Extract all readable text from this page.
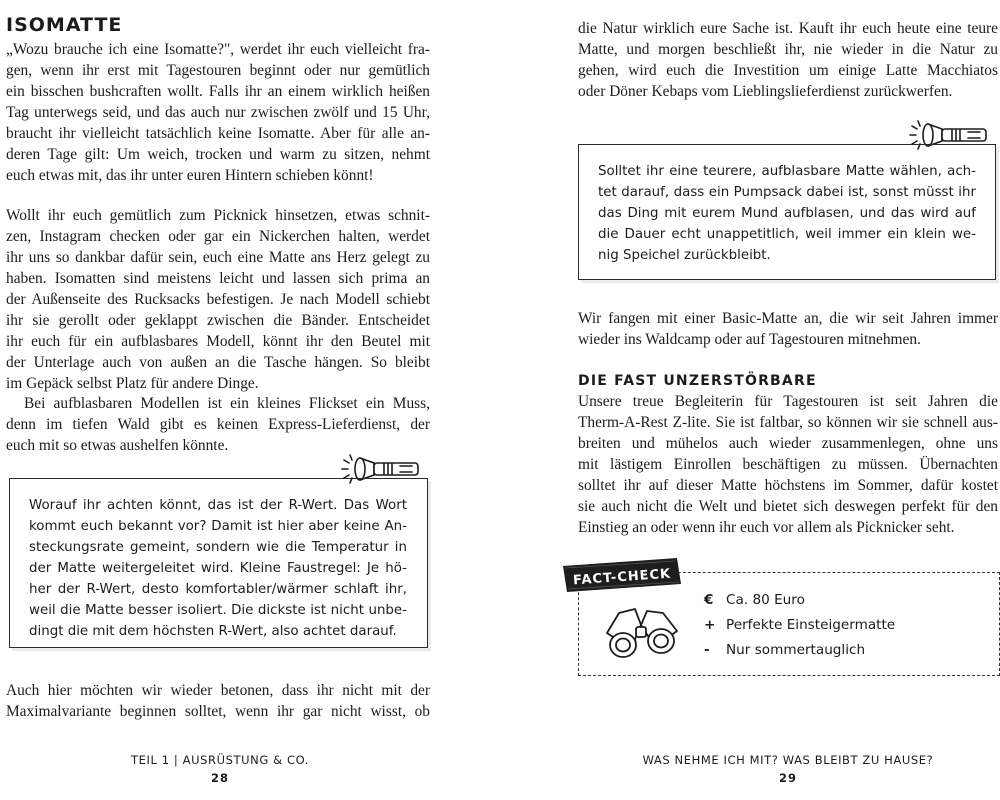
ISOMATTE

„Wozu brauche ich eine Isomatte?", werdet ihr euch vielleicht fra-
gen, wenn ihr erst mit Tagestouren beginnt oder nur gemütlich
ein bisschen bushcraften wollt. Falls ihr an einem wirklich heißen
Tag unterwegs seid, und das auch nur zwischen zwölf und 15 Uhr,
braucht ihr vielleicht tatsächlich keine Isomatte. Aber für alle an-
deren Tage gilt: Um weich, trocken und warm zu sitzen, nehmt
euch etwas mit, das ihr unter euren Hintern schieben könnt!

Wollt ihr euch gemütlich zum Picknick hinsetzen, etwas schnit-
zen, Instagram checken oder gar ein Nickerchen halten, werdet
ihr uns so dankbar dafür sein, euch eine Matte ans Herz gelegt zu
haben. Isomatten sind meistens leicht und lassen sich prima an
der Außenseite des Rucksacks befestigen. Je nach Modell schiebt
ihr sie gerollt oder geklappt zwischen die Bänder. Entscheidet
ihr euch für ein aufblasbares Modell, könnt ihr den Beutel mit
der Unterlage auch von außen an die Tasche hängen. So bleibt
im Gepäck selbst Platz für andere Dinge.

Bei aufblasbaren Modellen ist ein kleines Flickset ein Muss,
denn im tiefen Wald gibt es keinen Express-Lieferdienst, der
euch mit so etwas aushelfen könnte.

Worauf ihr achten könnt, das ist der R-Wert. Das Wort
kommt euch bekannt vor? Damit ist hier aber keine An-
steckungsrate gemeint, sondern wie die Temperatur in
der Matte weitergeleitet wird. Kleine Faustregel: Je hö-
her der R-Wert, desto komfortabler/wärmer schlaft ihr,
weil die Matte besser isoliert. Die dickste ist nicht unbe-
dingt die mit dem höchsten R-Wert, also achtet darauf.

Auch hier möchten wir wieder betonen, dass ihr nicht mit der
Maximalvariante beginnen solltet, wenn ihr gar nicht wisst, ob

TEIL 1 | AUSRÜSTUNG & CO.
28

die Natur wirklich eure Sache ist. Kauft ihr euch heute eine teure
Matte, und morgen beschließt ihr, nie wieder in die Natur zu
gehen, wird euch die Investition um einige Latte Macchiatos
oder Döner Kebaps vom Lieblingslieferdienst zurückwerfen.

Solltet ihr eine teurere, aufblasbare Matte wählen, ach-
tet darauf, dass ein Pumpsack dabei ist, sonst müsst ihr
das Ding mit eurem Mund aufblasen, und das wird auf
die Dauer echt unappetitlich, weil immer ein klein we-
nig Speichel zurückbleibt.

Wir fangen mit einer Basic-Matte an, die wir seit Jahren immer
wieder ins Waldcamp oder auf Tagestouren mitnehmen.

DIE FAST UNZERSTÖRBARE

Unsere treue Begleiterin für Tagestouren ist seit Jahren die
Therm-A-Rest Z-lite. Sie ist faltbar, so können wir sie schnell aus-
breiten und mühelos auch wieder zusammenlegen, ohne uns
mit lästigem Einrollen beschäftigen zu müssen. Übernachten
solltet ihr auf dieser Matte höchstens im Sommer, dafür kostet
sie auch nicht die Welt und bietet sich deswegen perfekt für den
Einstieg an oder wenn ihr euch vor allem als Picknicker seht.

FACT-CHECK
€ Ca. 80 Euro
+ Perfekte Einsteigermatte
-	Nur sommertauglich
WAS NEHME ICH MIT? WAS BLEIBT ZU HAUSE?
29
